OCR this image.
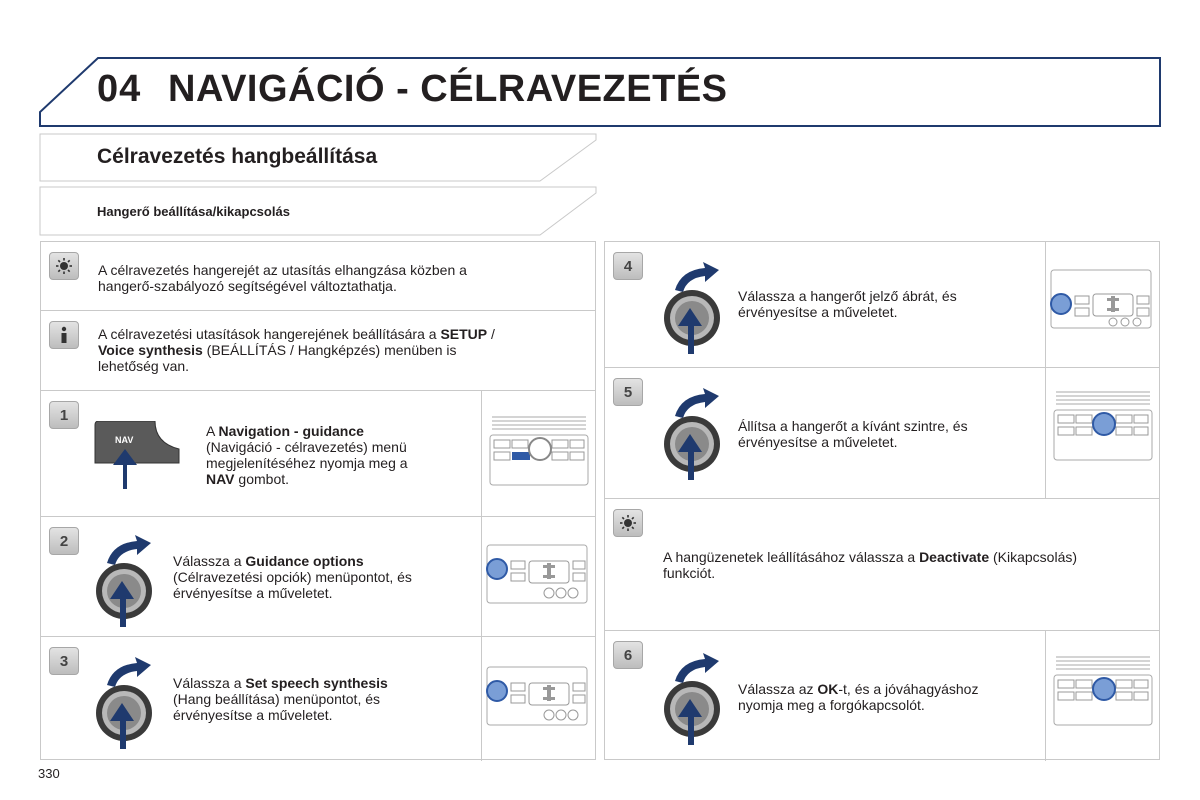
04 NAVIGÁCIÓ - CÉLRAVEZETÉS
Célravezetés hangbeállítása
Hangerő beállítása/kikapcsolás
A célravezetés hangerejét az utasítás elhangzása közben a
hangerő-szabályozó segítségével változtathatja.
A célravezetési utasítások hangerejének beállítására a SETUP /
Voice synthesis (BEÁLLÍTÁS / Hangképzés) menüben is
lehetőség van.
1
NAV
A Navigation - guidance
(Navigáció - célravezetés) menü
megjelenítéséhez nyomja meg a
NAV gombot.
2
Válassza a Guidance options
(Célravezetési opciók) menüpontot, és
érvényesítse a műveletet.
3
Válassza a Set speech synthesis
(Hang beállítása) menüpontot, és
érvényesítse a műveletet.
4
Válassza a hangerőt jelző ábrát, és
érvényesítse a műveletet.
5
Állítsa a hangerőt a kívánt szintre, és
érvényesítse a műveletet.
A hangüzenetek leállításához válassza a Deactivate (Kikapcsolás)
funkciót.
6
Válassza az OK-t, és a jóváhagyáshoz
nyomja meg a forgókapcsolót.
330
